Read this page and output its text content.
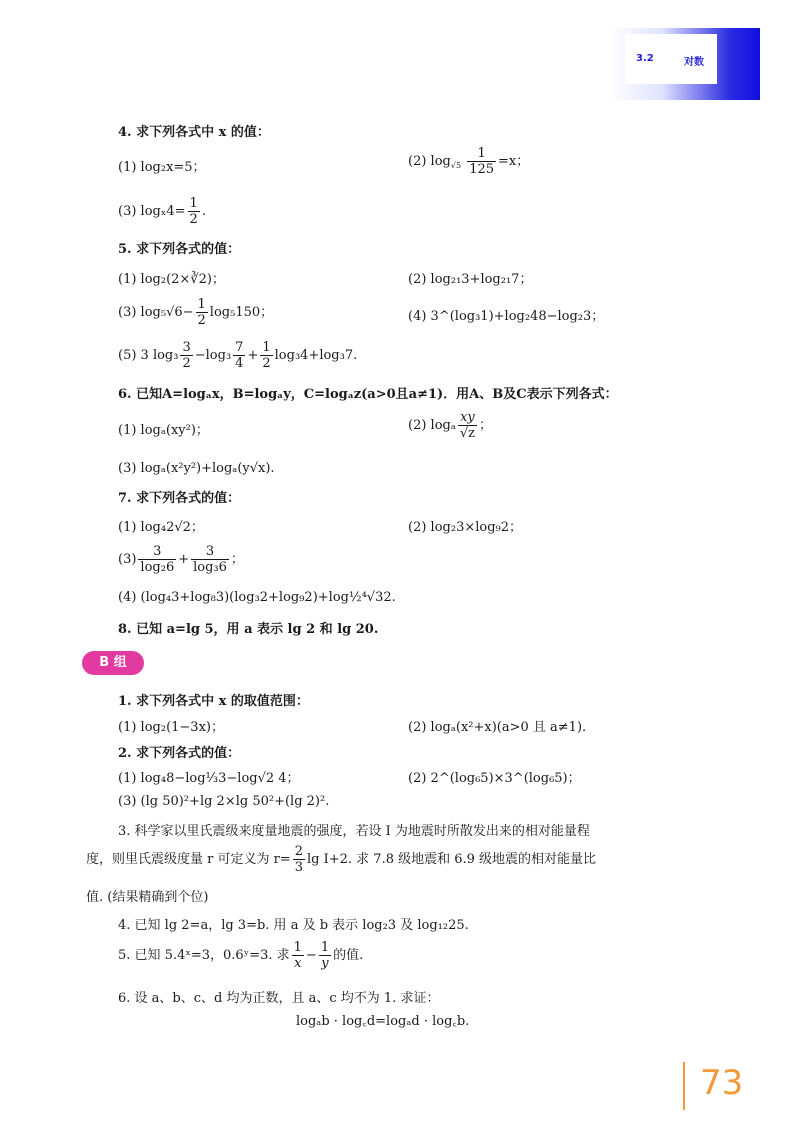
3.2	对数
4. 求下列各式中 x 的值：
(1) log₂x=5；	(2) $\log_{√5} \frac{1}{125} =x$；
(3) $\log_x4= \frac{1}{2}$ .
5. 求下列各式的值：
(1) log₂(2×∛2)；	(2) log₂₁3+log₂₁7；
(3) $\log_5√6- \frac{1}{2} \log_5150$；	(4) 3^(log₃1)+log₂48−log₂3；
(5) 3 $\log_3 \frac{3}{2} -\log_3 \frac{7}{4} + \frac{1}{2} \log_34+\log_37$.
6. 已知A=logₐx，B=logₐy，C=logₐz(a>0且a≠1)．用A、B及C表示下列各式：
(1) logₐ(xy²)；	(2) logₐ $\frac{xy}{√z}$ ；
(3) logₐ(x²y²)+logₐ(y√x).
7. 求下列各式的值：
(1) log₄2√2；	(2) log₂3×log₉2；
$(3) \frac{3}{\text{log₂6}} + \frac{3}{\text{log₃6}}$ ；
(4) (log₄3+log₈3)(log₃2+log₉2)+log½⁴√32.
8. 已知 a=lg 5，用 a 表示 lg 2 和 lg 20.
B 组
1. 求下列各式中 x 的取值范围：
(1) log₂(1−3x)；	(2) logₐ(x²+x)(a>0 且 a≠1).
2. 求下列各式的值：
(1) log₄8−log⅓3−log√2 4；	(2) 2^(log₆5)×3^(log₆5)；
(3) (lg 50)²+lg 2×lg 50²+(lg 2)².
3. 科学家以里氏震级来度量地震的强度，若设 I 为地震时所散发出来的相对能量程
度，则里氏震级度量 r 可定义为 $r= \frac{2}{3}$ lg I+2. 求 7.8 级地震和 6.9 级地震的相对能量比
值. (结果精确到个位)
4. 已知 lg 2=a，lg 3=b. 用 a 及 b 表示 log₂3 及 log₁₂25.
5. 已知 5.4ˣ=3，0.6ʸ=3. 求 $\frac{1}{x} - \frac{1}{y}$ 的值.
6. 设 a、b、c、d 均为正数，且 a、c 均不为 1. 求证：
logₐb · log꜀d=logₐd · log꜀b.
73
